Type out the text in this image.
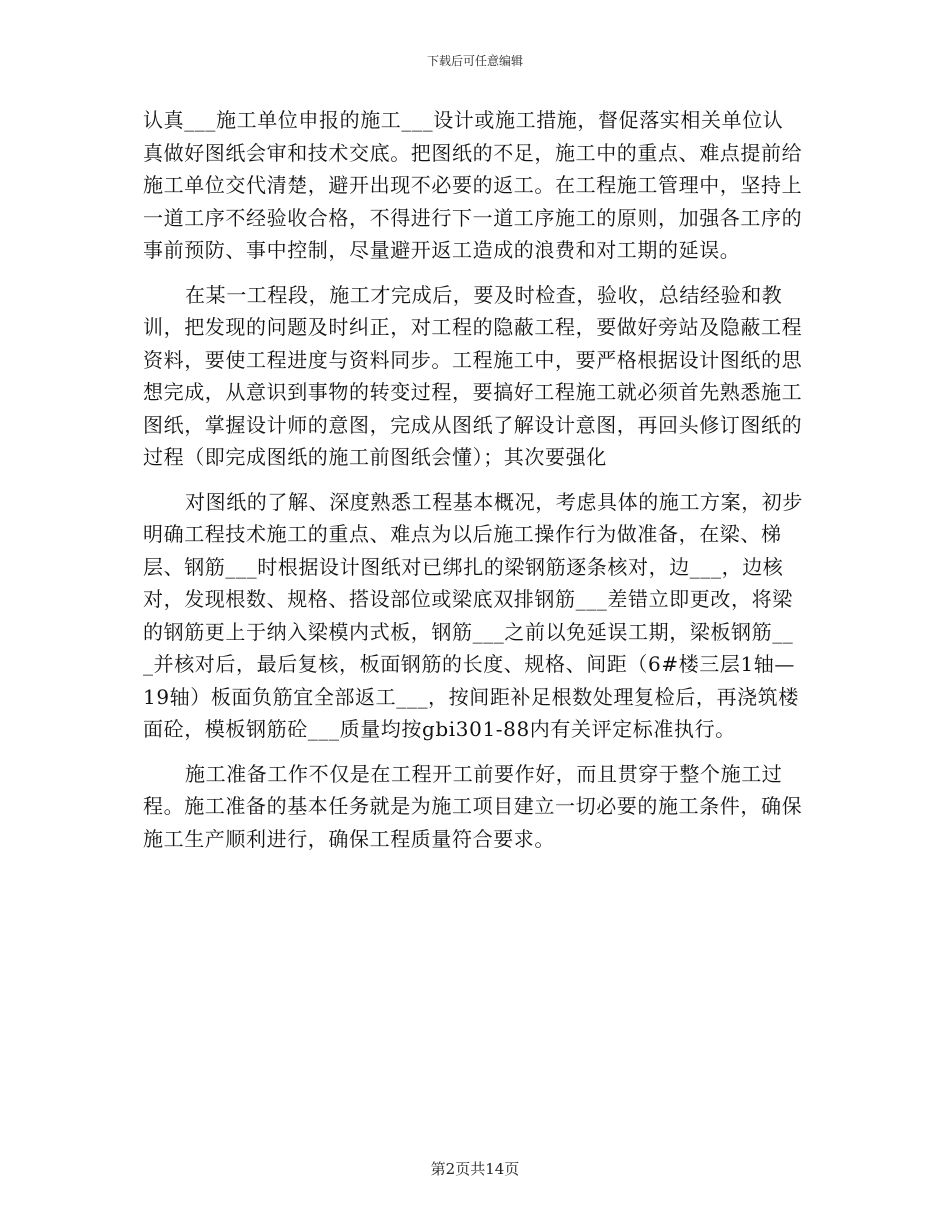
下载后可任意编辑

认真___施工单位申报的施工___设计或施工措施，督促落实相关单位认真做好图纸会审和技术交底。把图纸的不足，施工中的重点、难点提前给施工单位交代清楚，避开出现不必要的返工。在工程施工管理中，坚持上一道工序不经验收合格，不得进行下一道工序施工的原则，加强各工序的事前预防、事中控制，尽量避开返工造成的浪费和对工期的延误。

在某一工程段，施工才完成后，要及时检查，验收，总结经验和教训，把发现的问题及时纠正，对工程的隐蔽工程，要做好旁站及隐蔽工程资料，要使工程进度与资料同步。工程施工中，要严格根据设计图纸的思想完成，从意识到事物的转变过程，要搞好工程施工就必须首先熟悉施工图纸，掌握设计师的意图，完成从图纸了解设计意图，再回头修订图纸的过程（即完成图纸的施工前图纸会懂）；其次要强化

对图纸的了解、深度熟悉工程基本概况，考虑具体的施工方案，初步明确工程技术施工的重点、难点为以后施工操作行为做准备，在梁、梯层、钢筋___时根据设计图纸对已绑扎的梁钢筋逐条核对，边___，边核对，发现根数、规格、搭设部位或梁底双排钢筋___差错立即更改，将梁的钢筋更上于纳入梁模内式板，钢筋___之前以免延误工期，梁板钢筋___并核对后，最后复核，板面钢筋的长度、规格、间距（6#楼三层1轴—19轴）板面负筋宜全部返工___，按间距补足根数处理复检后，再浇筑楼面砼，模板钢筋砼___质量均按gbi301-88内有关评定标准执行。

施工准备工作不仅是在工程开工前要作好，而且贯穿于整个施工过程。施工准备的基本任务就是为施工项目建立一切必要的施工条件，确保施工生产顺利进行，确保工程质量符合要求。

第2页共14页
